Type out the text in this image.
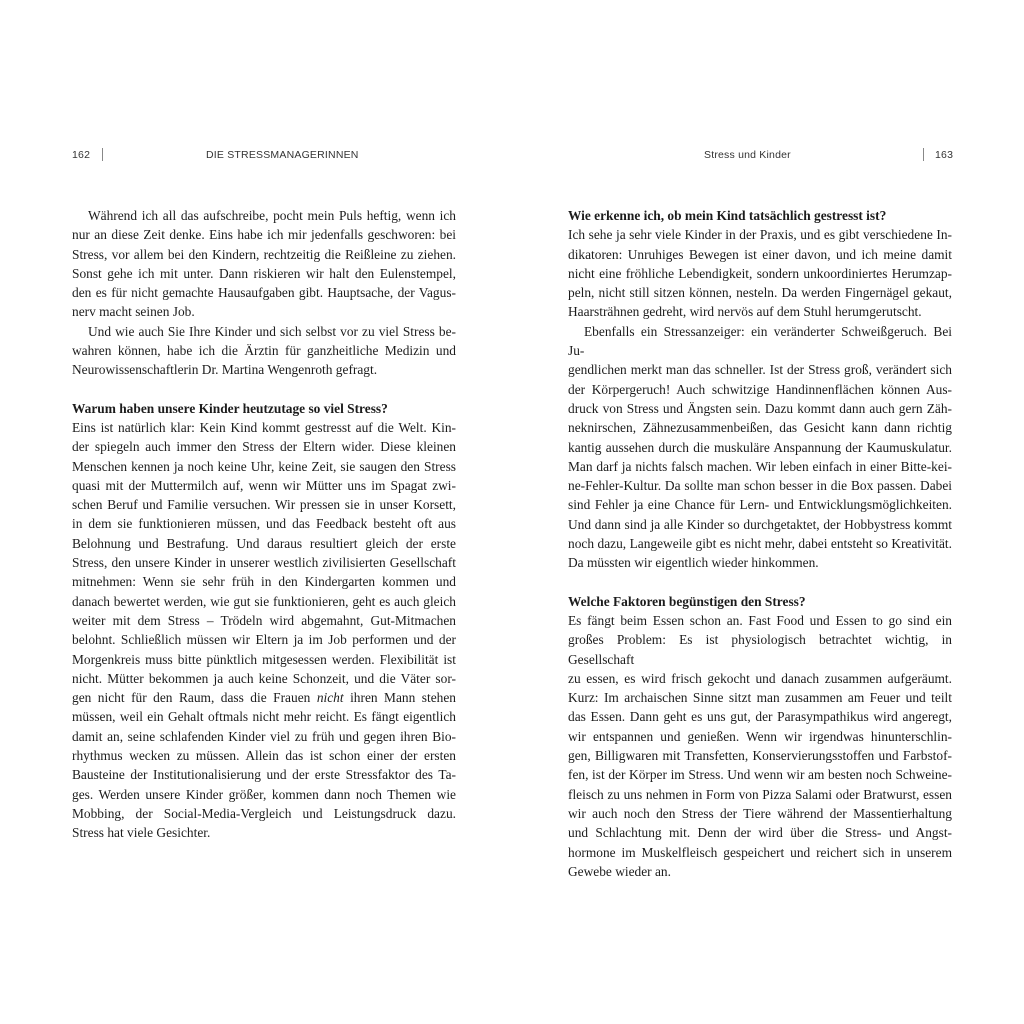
162	DIE STRESSMANAGERINNEN

Während ich all das aufschreibe, pocht mein Puls heftig, wenn ich

nur an diese Zeit denke. Eins habe ich mir jedenfalls geschworen: bei

Stress, vor allem bei den Kindern, rechtzeitig die Reißleine zu ziehen.

Sonst gehe ich mit unter. Dann riskieren wir halt den Eulenstempel,

den es für nicht gemachte Hausaufgaben gibt. Hauptsache, der Vagus-

nerv macht seinen Job.

Und wie auch Sie Ihre Kinder und sich selbst vor zu viel Stress be-

wahren können, habe ich die Ärztin für ganzheitliche Medizin und

Neurowissenschaftlerin Dr. Martina Wengenroth gefragt.

Warum haben unsere Kinder heutzutage so viel Stress?

Eins ist natürlich klar: Kein Kind kommt gestresst auf die Welt. Kin-

der spiegeln auch immer den Stress der Eltern wider. Diese kleinen

Menschen kennen ja noch keine Uhr, keine Zeit, sie saugen den Stress

quasi mit der Muttermilch auf, wenn wir Mütter uns im Spagat zwi-

schen Beruf und Familie versuchen. Wir pressen sie in unser Korsett,

in dem sie funktionieren müssen, und das Feedback besteht oft aus

Belohnung und Bestrafung. Und daraus resultiert gleich der erste

Stress, den unsere Kinder in unserer westlich zivilisierten Gesellschaft

mitnehmen: Wenn sie sehr früh in den Kindergarten kommen und

danach bewertet werden, wie gut sie funktionieren, geht es auch gleich

weiter mit dem Stress – Trödeln wird abgemahnt, Gut-Mitmachen

belohnt. Schließlich müssen wir Eltern ja im Job performen und der

Morgenkreis muss bitte pünktlich mitgesessen werden. Flexibilität ist

nicht. Mütter bekommen ja auch keine Schonzeit, und die Väter sor-

gen nicht für den Raum, dass die Frauen nicht ihren Mann stehen

müssen, weil ein Gehalt oftmals nicht mehr reicht. Es fängt eigentlich

damit an, seine schlafenden Kinder viel zu früh und gegen ihren Bio-

rhythmus wecken zu müssen. Allein das ist schon einer der ersten

Bausteine der Institutionalisierung und der erste Stressfaktor des Ta-

ges. Werden unsere Kinder größer, kommen dann noch Themen wie

Mobbing, der Social-Media-Vergleich und Leistungsdruck dazu.

Stress hat viele Gesichter.

Stress und Kinder	163
Wie erkenne ich, ob mein Kind tatsächlich gestresst ist?

Ich sehe ja sehr viele Kinder in der Praxis, und es gibt verschiedene In-

dikatoren: Unruhiges Bewegen ist einer davon, und ich meine damit

nicht eine fröhliche Lebendigkeit, sondern unkoordiniertes Herumzap-

peln, nicht still sitzen können, nesteln. Da werden Fingernägel gekaut,

Haarsträhnen gedreht, wird nervös auf dem Stuhl herumgerutscht.

Ebenfalls ein Stressanzeiger: ein veränderter Schweißgeruch. Bei Ju-

gendlichen merkt man das schneller. Ist der Stress groß, verändert sich

der Körpergeruch! Auch schwitzige Handinnenflächen können Aus-

druck von Stress und Ängsten sein. Dazu kommt dann auch gern Zäh-

neknirschen, Zähnezusammenbeißen, das Gesicht kann dann richtig

kantig aussehen durch die muskuläre Anspannung der Kaumuskulatur.

Man darf ja nichts falsch machen. Wir leben einfach in einer Bitte-kei-

ne-Fehler-Kultur. Da sollte man schon besser in die Box passen. Dabei

sind Fehler ja eine Chance für Lern- und Entwicklungsmöglichkeiten.

Und dann sind ja alle Kinder so durchgetaktet, der Hobbystress kommt

noch dazu, Langeweile gibt es nicht mehr, dabei entsteht so Kreativität.

Da müssten wir eigentlich wieder hinkommen.

Welche Faktoren begünstigen den Stress?

Es fängt beim Essen schon an. Fast Food und Essen to go sind ein

großes Problem: Es ist physiologisch betrachtet wichtig, in Gesellschaft

zu essen, es wird frisch gekocht und danach zusammen aufgeräumt.

Kurz: Im archaischen Sinne sitzt man zusammen am Feuer und teilt

das Essen. Dann geht es uns gut, der Parasympathikus wird angeregt,

wir entspannen und genießen. Wenn wir irgendwas hinunterschlin-

gen, Billigwaren mit Transfetten, Konservierungsstoffen und Farbstof-

fen, ist der Körper im Stress. Und wenn wir am besten noch Schweine-

fleisch zu uns nehmen in Form von Pizza Salami oder Bratwurst, essen

wir auch noch den Stress der Tiere während der Massentierhaltung

und Schlachtung mit. Denn der wird über die Stress- und Angst-

hormone im Muskelfleisch gespeichert und reichert sich in unserem

Gewebe wieder an.
